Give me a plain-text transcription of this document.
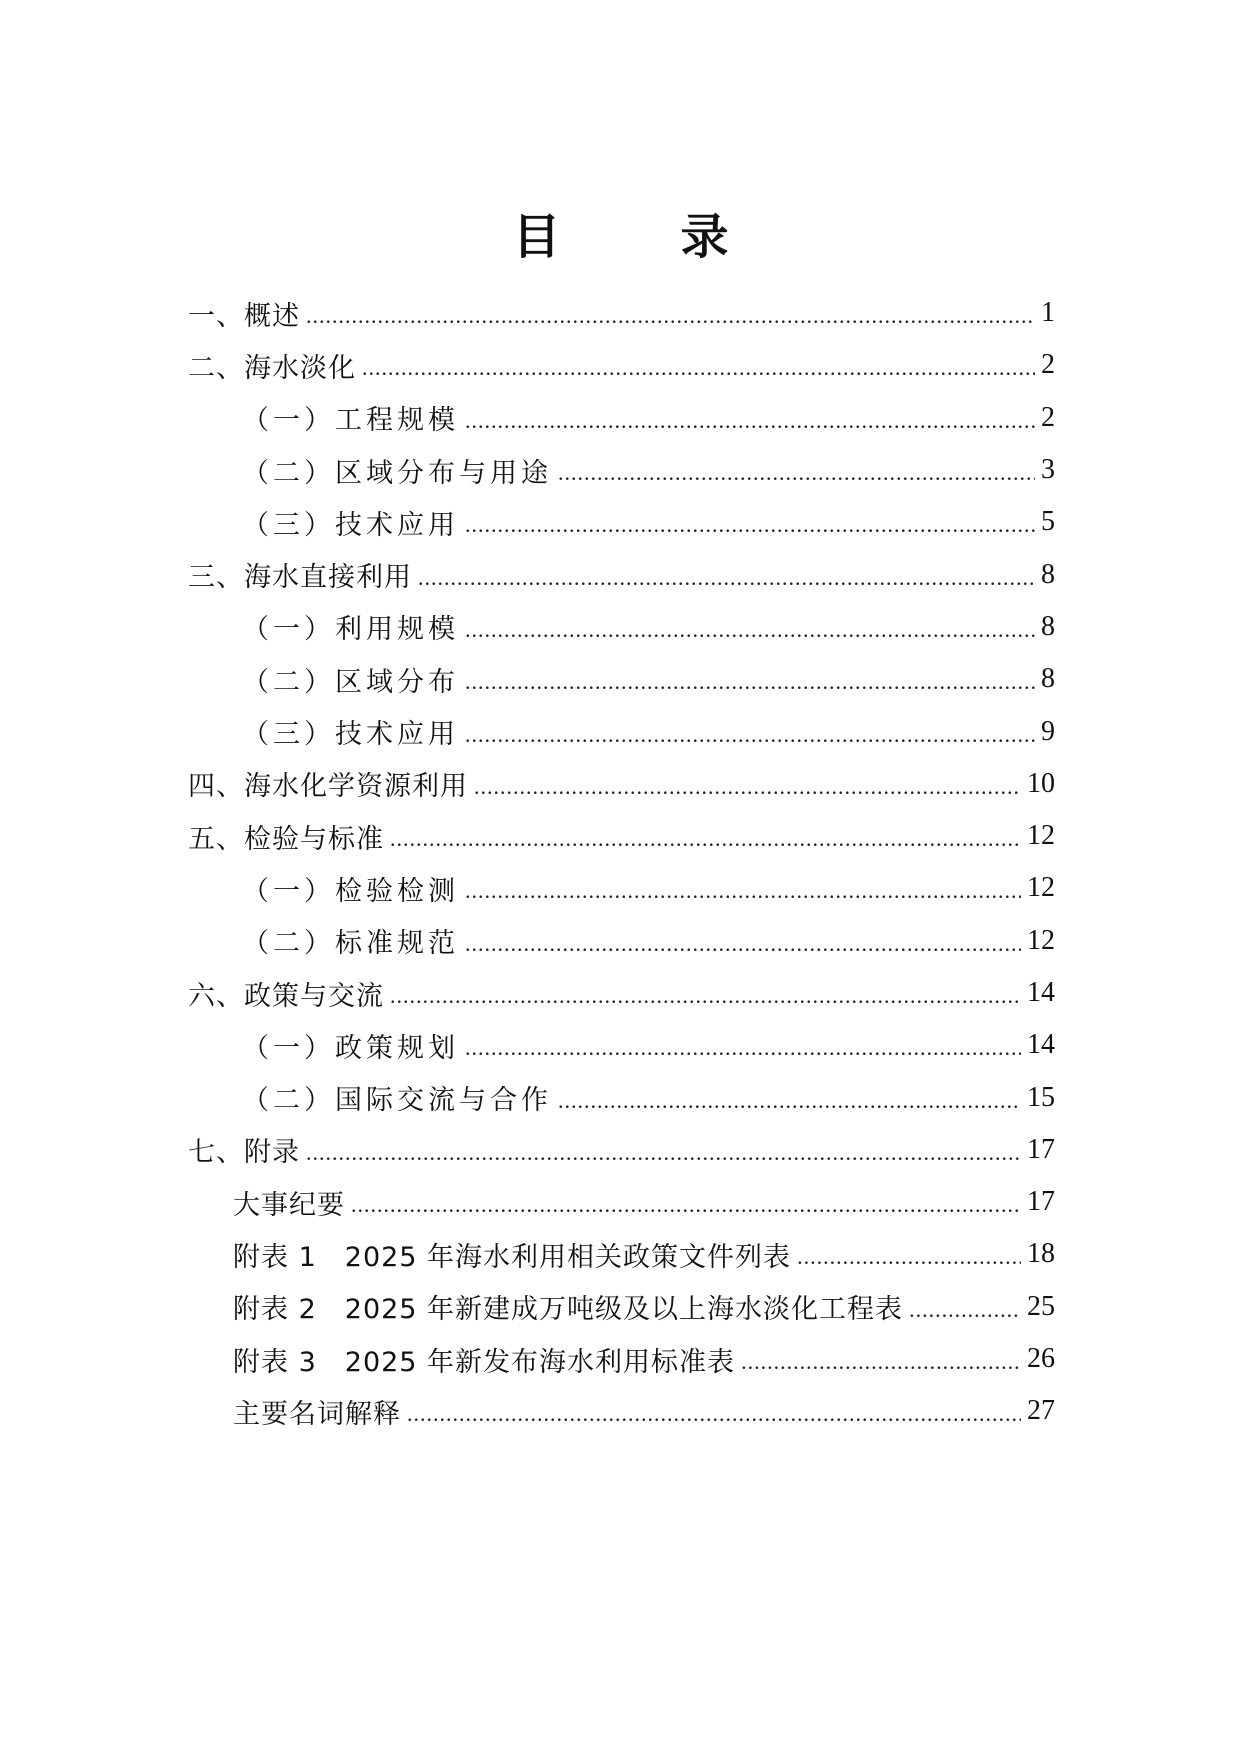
目　录
一、概述 .....	1
二、海水淡化 .....	2
（一）工程规模 .....	2
（二）区域分布与用途 .....	3
（三）技术应用 .....	5
三、海水直接利用 .....	8
（一）利用规模 .....	8
（二）区域分布 .....	8
（三）技术应用 .....	9
四、海水化学资源利用 .....	10
五、检验与标准 .....	12
（一）检验检测 .....	12
（二）标准规范 .....	12
六、政策与交流 .....	14
（一）政策规划 .....	14
（二）国际交流与合作 .....	15
七、附录 .....	17
大事纪要 .....	17
附表 1　2025 年海水利用相关政策文件列表 .....	18
附表 2　2025 年新建成万吨级及以上海水淡化工程表 .....	25
附表 3　2025 年新发布海水利用标准表 .....	26
主要名词解释 .....	27
